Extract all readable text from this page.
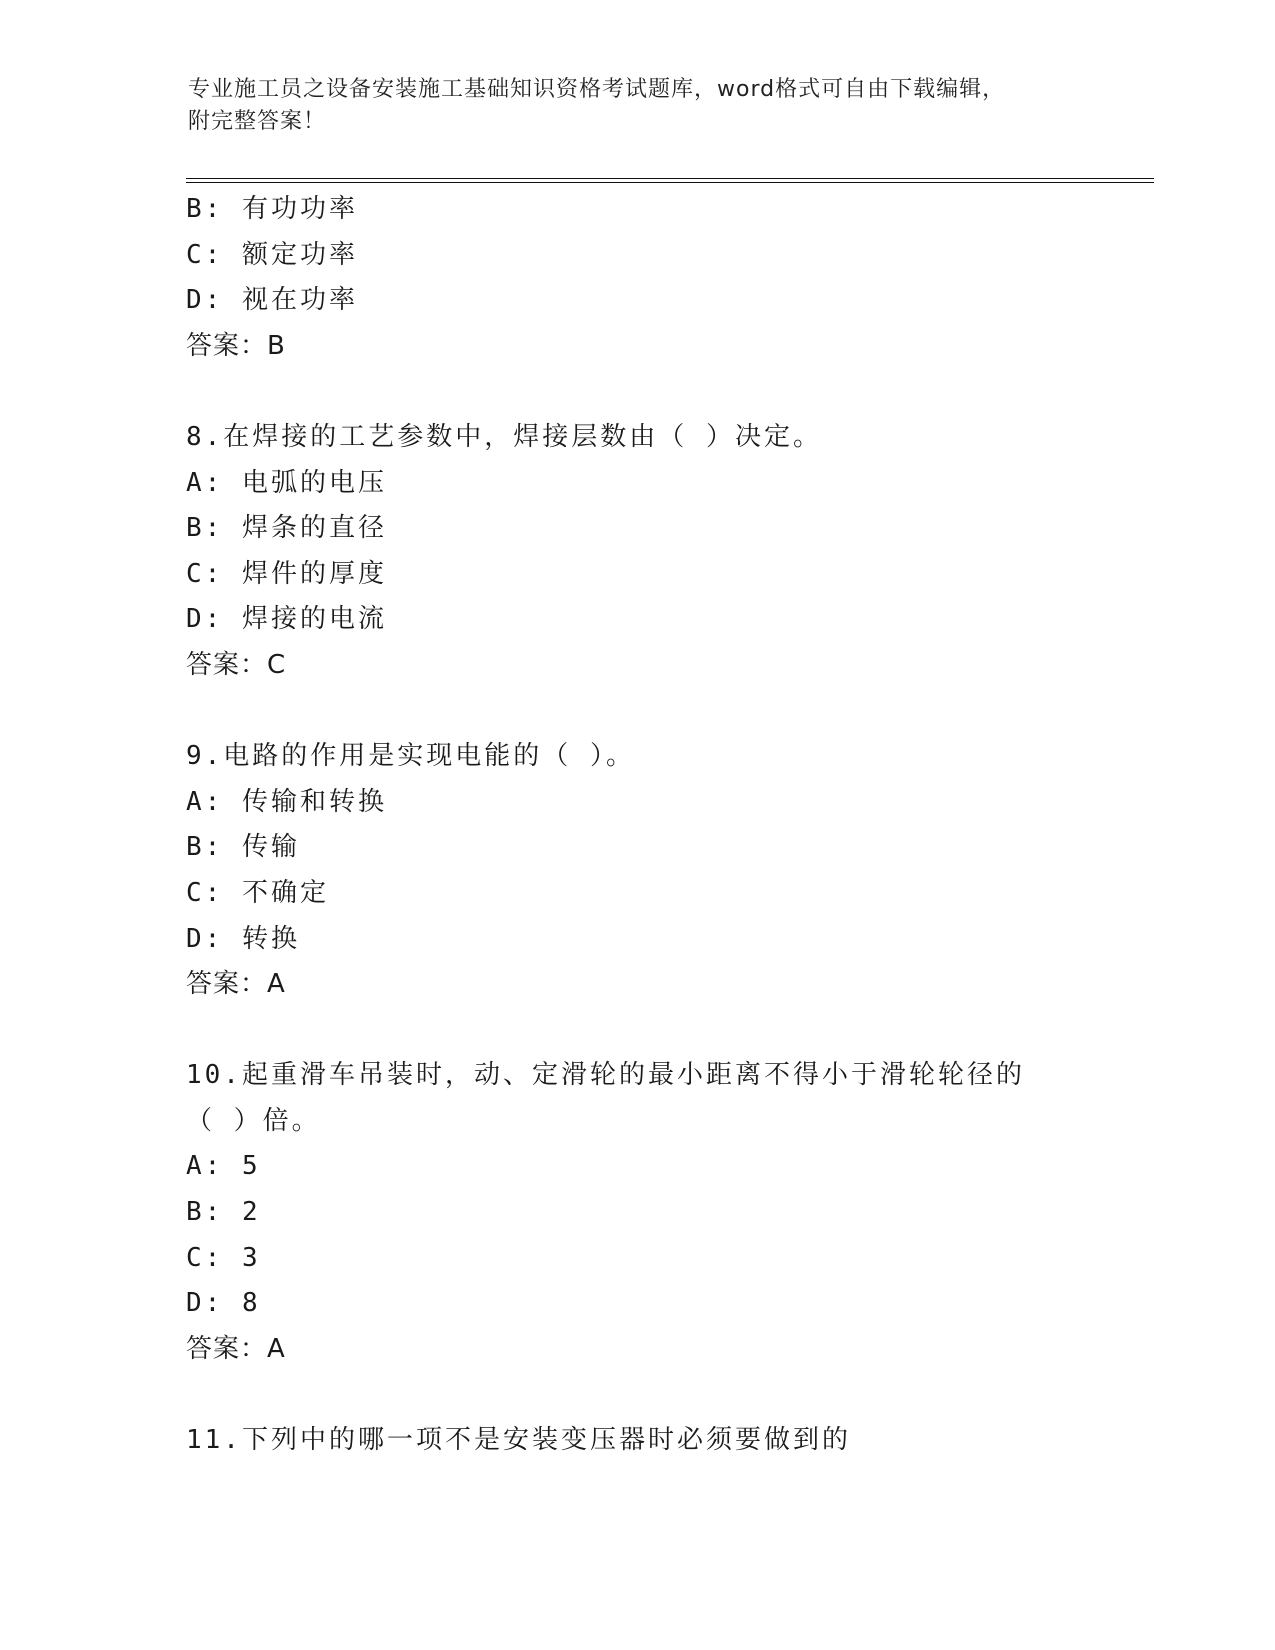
专业施工员之设备安装施工基础知识资格考试题库，word格式可自由下载编辑，
附完整答案！
B: 有功功率
C: 额定功率
D: 视在功率
答案：B
8.在焊接的工艺参数中，焊接层数由（ ）决定。
A: 电弧的电压
B: 焊条的直径
C: 焊件的厚度
D: 焊接的电流
答案：C
9.电路的作用是实现电能的（ ）。
A: 传输和转换
B: 传输
C: 不确定
D: 转换
答案：A
10.起重滑车吊装时，动、定滑轮的最小距离不得小于滑轮轮径的（ ）倍。
A: 5
B: 2
C: 3
D: 8
答案：A
11.下列中的哪一项不是安装变压器时必须要做到的
